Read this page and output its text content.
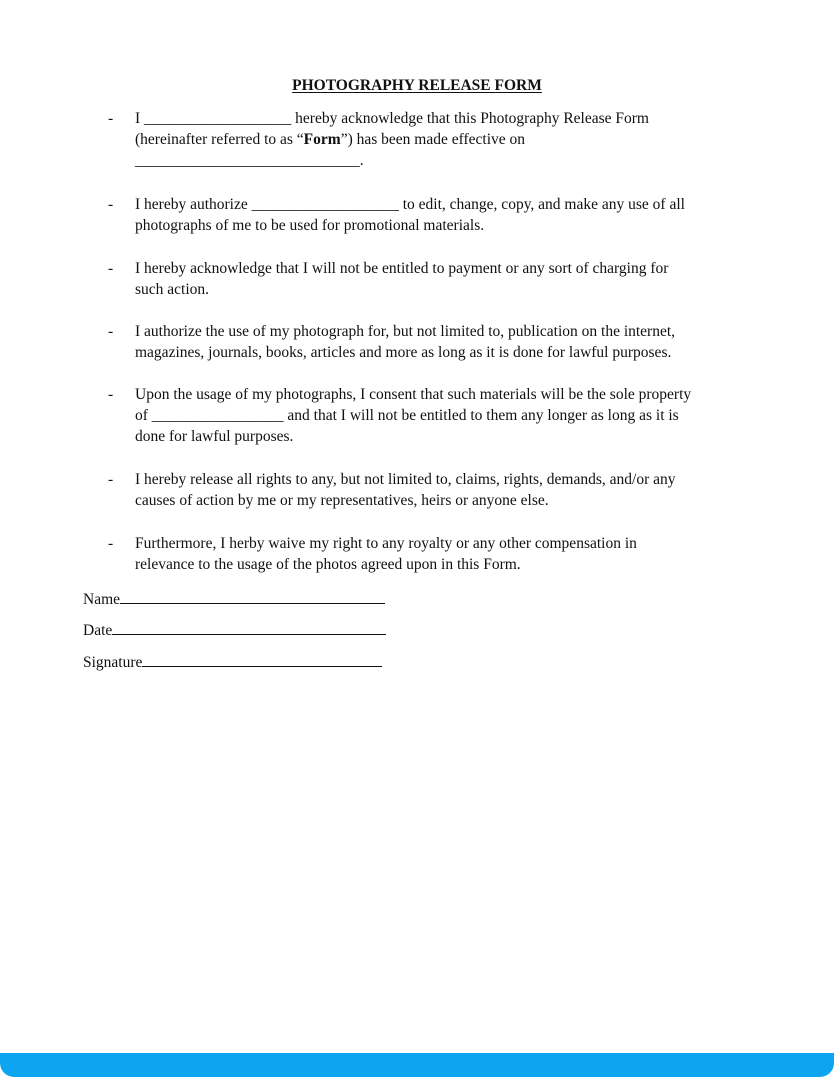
PHOTOGRAPHY RELEASE FORM
-	I ___________________ hereby acknowledge that this Photography Release Form
(hereinafter referred to as “Form”) has been made effective on
_____________________________.
-	I hereby authorize ___________________ to edit, change, copy, and make any use of all
photographs of me to be used for promotional materials.
-	I hereby acknowledge that I will not be entitled to payment or any sort of charging for
such action.
-	I authorize the use of my photograph for, but not limited to, publication on the internet,
magazines, journals, books, articles and more as long as it is done for lawful purposes.
-	Upon the usage of my photographs, I consent that such materials will be the sole property
of _________________ and that I will not be entitled to them any longer as long as it is
done for lawful purposes.
-	I hereby release all rights to any, but not limited to, claims, rights, demands, and/or any
causes of action by me or my representatives, heirs or anyone else.
-	Furthermore, I herby waive my right to any royalty or any other compensation in
relevance to the usage of the photos agreed upon in this Form.
Name
Date
Signature
